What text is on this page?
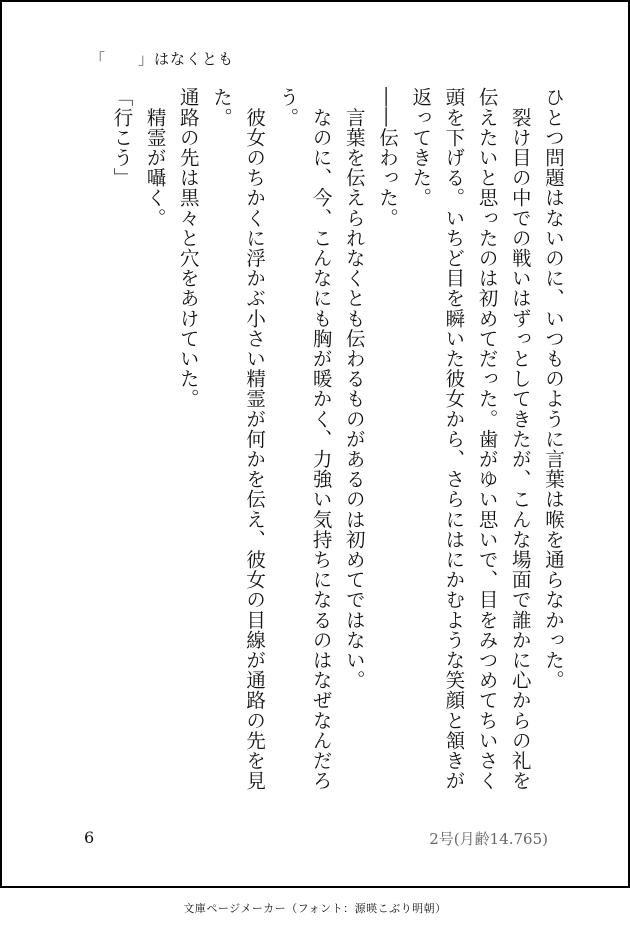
「　　」はなくとも

ひとつ問題はないのに、いつものように言葉は喉を通らなかった。

　裂け目の中での戦いはずっとしてきたが、こんな場面で誰かに心からの礼を伝えたいと思ったのは初めてだった。歯がゆい思いで、目をみつめてちいさく頭を下げる。いちど目を瞬いた彼女から、さらにはにかむような笑顔と頷きが返ってきた。

――伝わった。

　言葉を伝えられなくとも伝わるものがあるのは初めてではない。

　なのに、今、こんなにも胸が暖かく、力強い気持ちになるのはなぜなんだろう。

　彼女のちかくに浮かぶ小さい精霊が何かを伝え、彼女の目線が通路の先を見た。

通路の先は黒々と穴をあけていた。

　精霊が囁く。

「行こう」

6	2号(月齢14.765)
文庫ページメーカー（フォント：源暎こぶり明朝）
